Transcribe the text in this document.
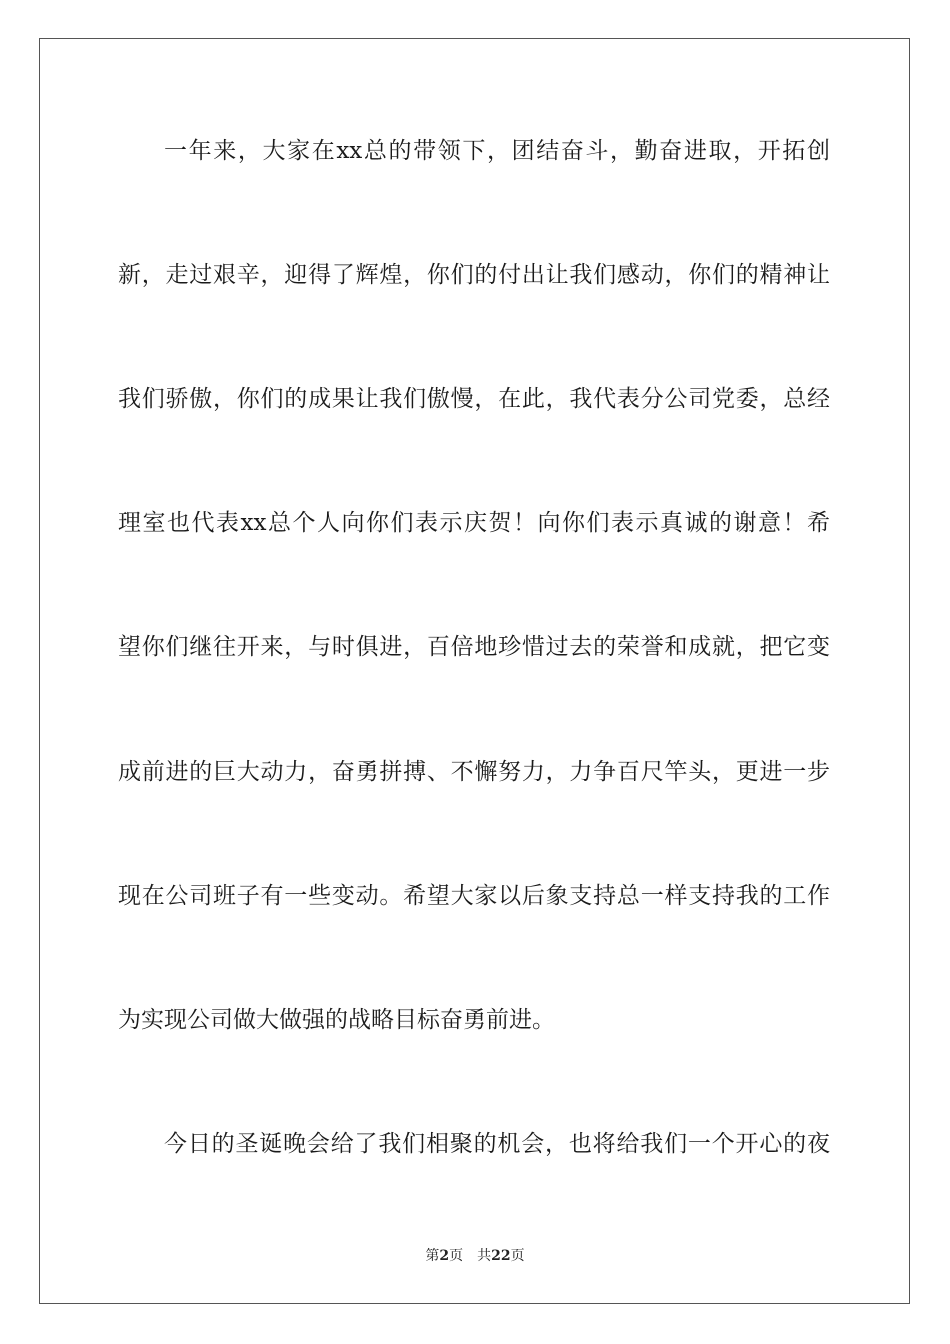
一年来，大家在xx总的带领下，团结奋斗，勤奋进取，开拓创
新，走过艰辛，迎得了辉煌，你们的付出让我们感动，你们的精神让
我们骄傲，你们的成果让我们傲慢，在此，我代表分公司党委，总经
理室也代表xx总个人向你们表示庆贺！向你们表示真诚的谢意！希
望你们继往开来，与时俱进，百倍地珍惜过去的荣誉和成就，把它变
成前进的巨大动力，奋勇拼搏、不懈努力，力争百尺竿头，更进一步
现在公司班子有一些变动。希望大家以后象支持总一样支持我的工作
为实现公司做大做强的战略目标奋勇前进。
今日的圣诞晚会给了我们相聚的机会，也将给我们一个开心的夜
第2页 共22页
